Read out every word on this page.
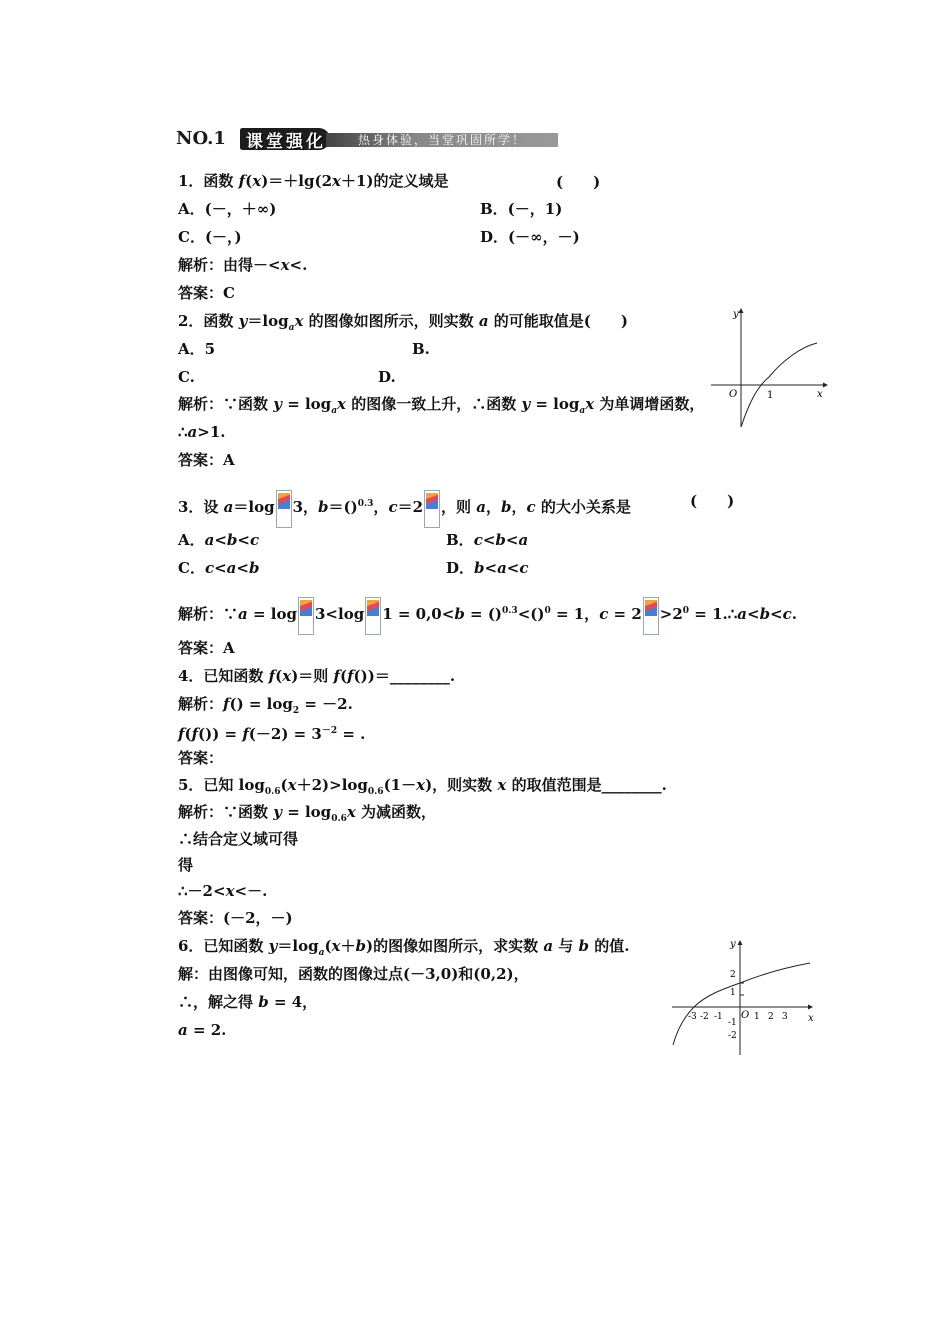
NO.1 课堂强化	热身体验，当堂巩固所学！
1．函数 f(x)＝＋lg(2x＋1)的定义域是	(　　)
A．(－，＋∞)	B．(－，1)
C．(－，)	D．(－∞，－)
解析：由得－<x<.
答案：C
2．函数 $y=\log_ax$ 的图像如图所示，则实数 a 的可能取值是(　　)
A．5	B.
C.	D.
解析：∵函数 $y = \log_ax$ 的图像一致上升，∴函数 $y = \log_ax$ 为单调增函数，
∴a>1.
答案：A
y
x
O	1
3．设 a＝log 3，b＝()$^{0.3}$，c＝2 ，则 a，b，c 的大小关系是	(　　)
A．a<b<c	B．c<b<a
C．c<a<b	D．b<a<c
解析：∵a = log 3<log 1 = 0,0<b = ()$^{0.3}$<()$^0$ = 1，$c = 2 >2^0$ = 1.∴a<b<c.
答案：A
4．已知函数 f(x)＝则 f(f())＝________.
解析：$f() = \log_2 = -2$.
$f(f()) = f(-2) = 3^{-2}$ = .
答案：
5．已知 $\log_{0.6}(x+2)>\log_{0.6}(1-x)$，则实数 x 的取值范围是________.
解析：∵函数 $y = \log_{0.6}x$ 为减函数，
∴结合定义域可得
得
∴－2<x<－.
答案：(－2，－)
6．已知函数 $y=\log_a(x+b)$的图像如图所示，求实数 a 与 b 的值.
解：由图像可知，函数的图像过点(－3,0)和(0,2)，
∴，解之得 b = 4，
a = 2.
y
x
O
-3 -2 -1	1 2 3
2
1
-1
-2
